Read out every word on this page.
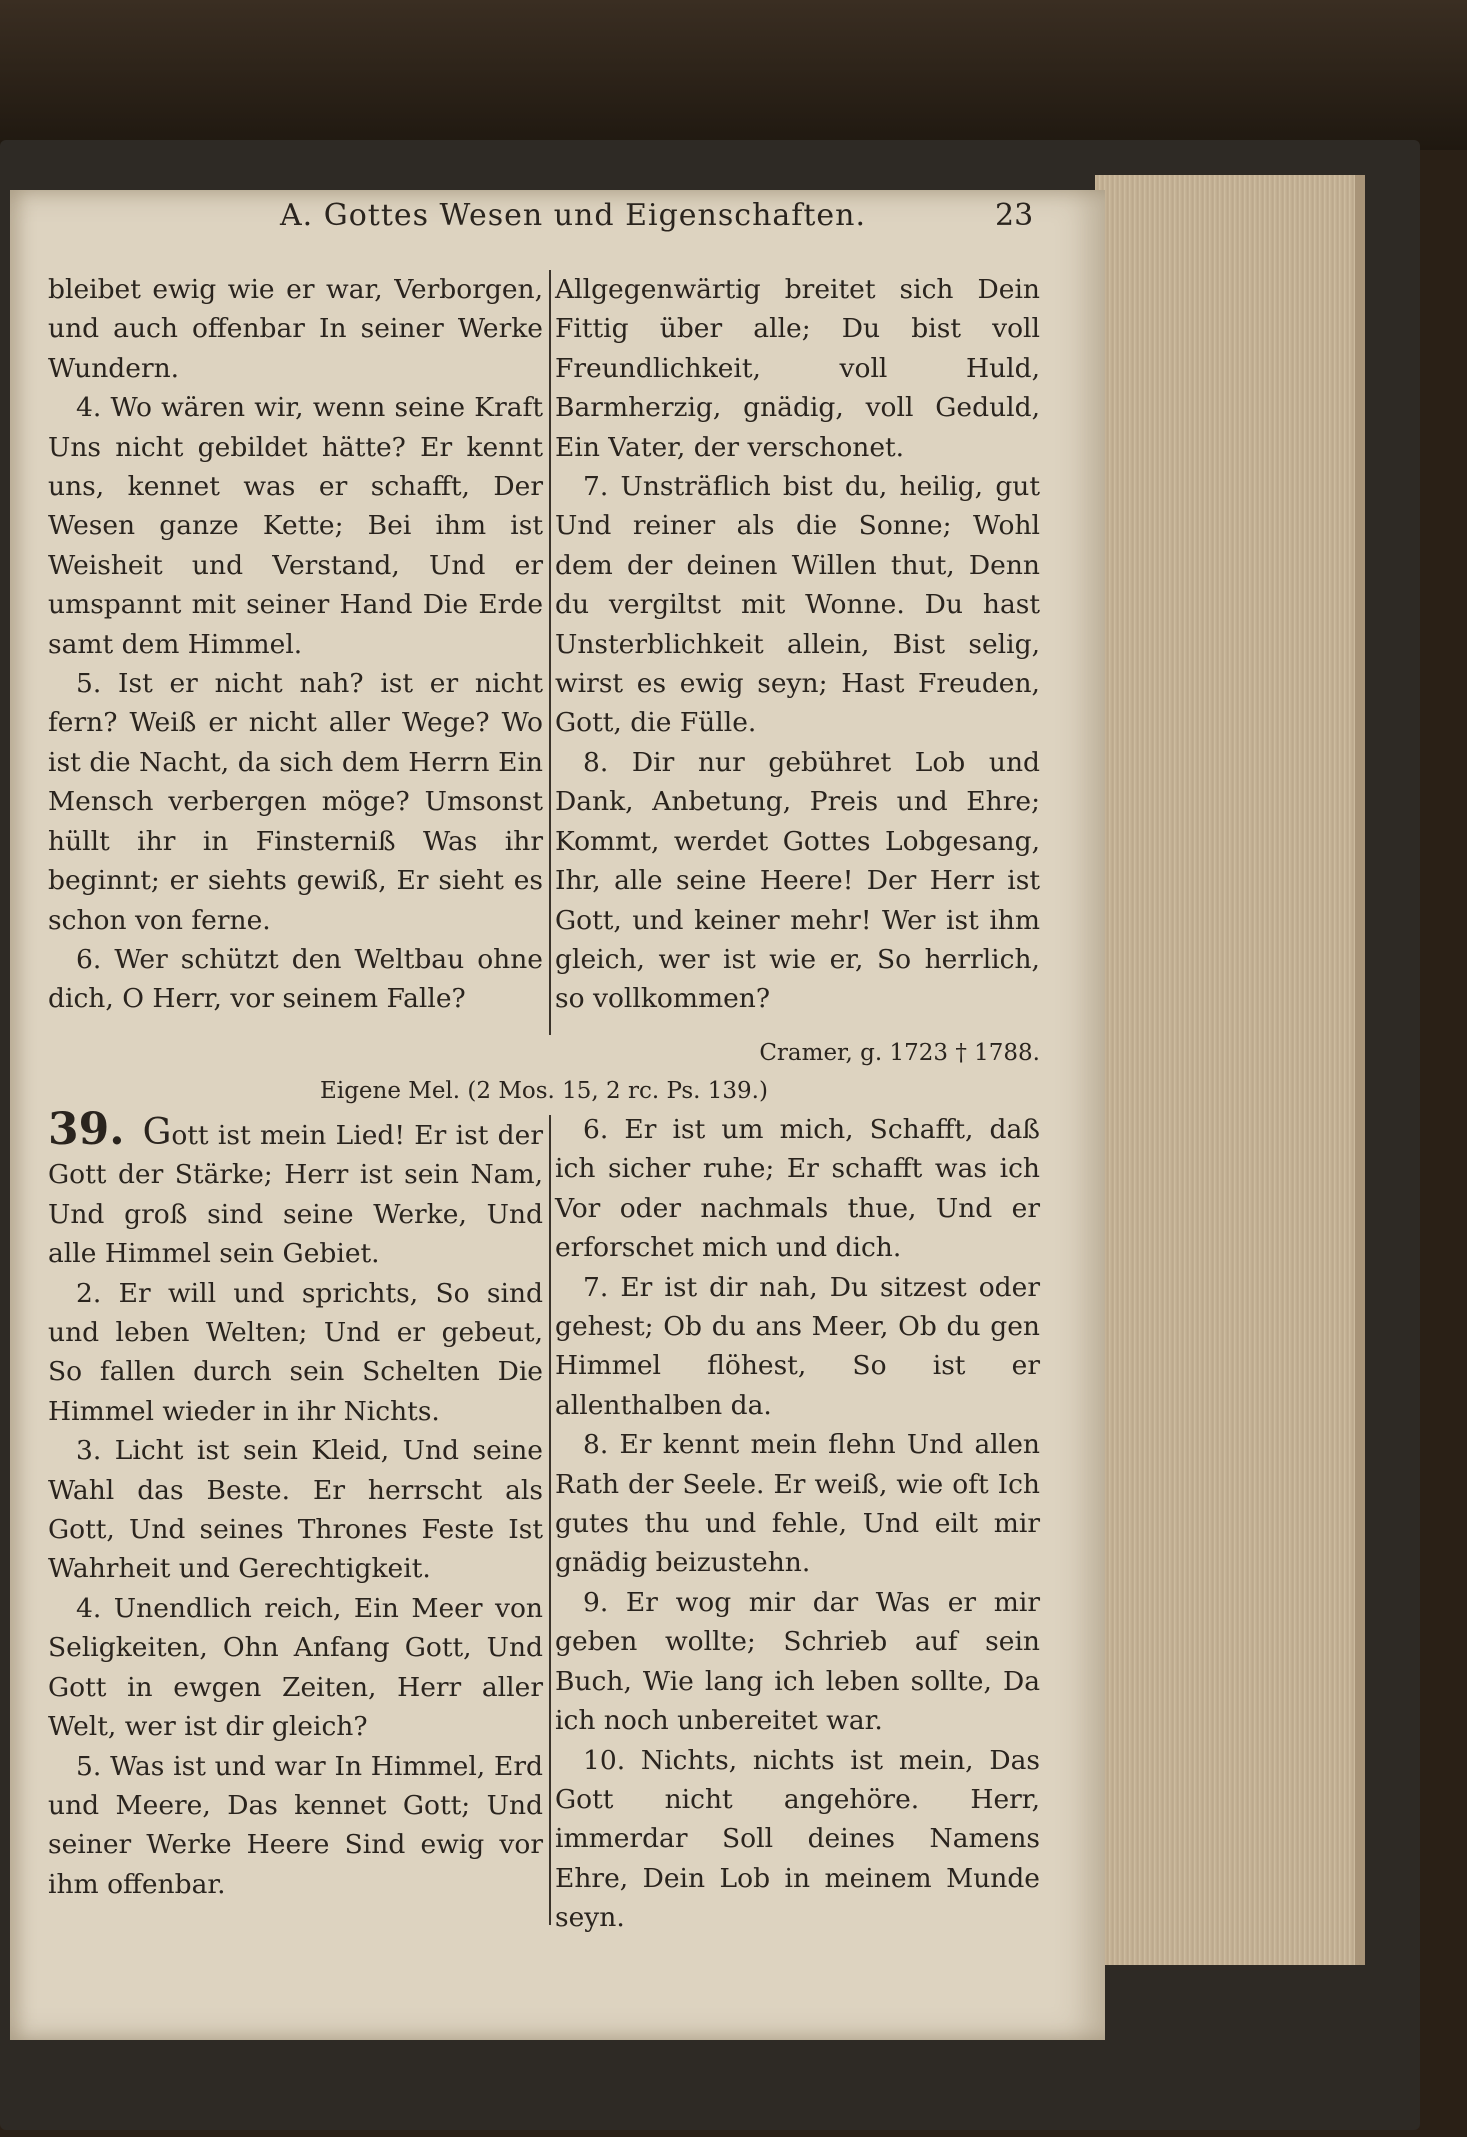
A. Gottes Wesen und Eigenschaften.	23

bleibet ewig wie er war, Verborgen, und auch offenbar In seiner Werke Wundern.

4. Wo wären wir, wenn seine Kraft Uns nicht gebildet hätte? Er kennt uns, kennet was er schafft, Der Wesen ganze Kette; Bei ihm ist Weisheit und Verstand, Und er umspannt mit seiner Hand Die Erde samt dem Himmel.

5. Ist er nicht nah? ist er nicht fern? Weiß er nicht aller Wege? Wo ist die Nacht, da sich dem Herrn Ein Mensch verbergen möge? Umsonst hüllt ihr in Finsterniß Was ihr beginnt; er siehts gewiß, Er sieht es schon von ferne.

6. Wer schützt den Weltbau ohne dich, O Herr, vor seinem Falle?

Allgegenwärtig breitet sich Dein Fittig über alle; Du bist voll Freundlichkeit, voll Huld, Barmherzig, gnädig, voll Geduld, Ein Vater, der verschonet.

7. Unsträflich bist du, heilig, gut Und reiner als die Sonne; Wohl dem der deinen Willen thut, Denn du vergiltst mit Wonne. Du hast Unsterblichkeit allein, Bist selig, wirst es ewig seyn; Hast Freuden, Gott, die Fülle.

8. Dir nur gebühret Lob und Dank, Anbetung, Preis und Ehre; Kommt, werdet Gottes Lobgesang, Ihr, alle seine Heere! Der Herr ist Gott, und keiner mehr! Wer ist ihm gleich, wer ist wie er, So herrlich, so vollkommen?

Cramer, g. 1723 † 1788.
Eigene Mel. (2 Mos. 15, 2 rc. Ps. 139.)

39. Gott ist mein Lied! Er ist der Gott der Stärke; Herr ist sein Nam, Und groß sind seine Werke, Und alle Himmel sein Gebiet.

2. Er will und sprichts, So sind und leben Welten; Und er gebeut, So fallen durch sein Schelten Die Himmel wieder in ihr Nichts.

3. Licht ist sein Kleid, Und seine Wahl das Beste. Er herrscht als Gott, Und seines Thrones Feste Ist Wahrheit und Gerechtigkeit.

4. Unendlich reich, Ein Meer von Seligkeiten, Ohn Anfang Gott, Und Gott in ewgen Zeiten, Herr aller Welt, wer ist dir gleich?

5. Was ist und war In Himmel, Erd und Meere, Das kennet Gott; Und seiner Werke Heere Sind ewig vor ihm offenbar.

6. Er ist um mich, Schafft, daß ich sicher ruhe; Er schafft was ich Vor oder nachmals thue, Und er erforschet mich und dich.

7. Er ist dir nah, Du sitzest oder gehest; Ob du ans Meer, Ob du gen Himmel flöhest, So ist er allenthalben da.

8. Er kennt mein flehn Und allen Rath der Seele. Er weiß, wie oft Ich gutes thu und fehle, Und eilt mir gnädig beizustehn.

9. Er wog mir dar Was er mir geben wollte; Schrieb auf sein Buch, Wie lang ich leben sollte, Da ich noch unbereitet war.

10. Nichts, nichts ist mein, Das Gott nicht angehöre. Herr, immerdar Soll deines Namens Ehre, Dein Lob in meinem Munde seyn.
